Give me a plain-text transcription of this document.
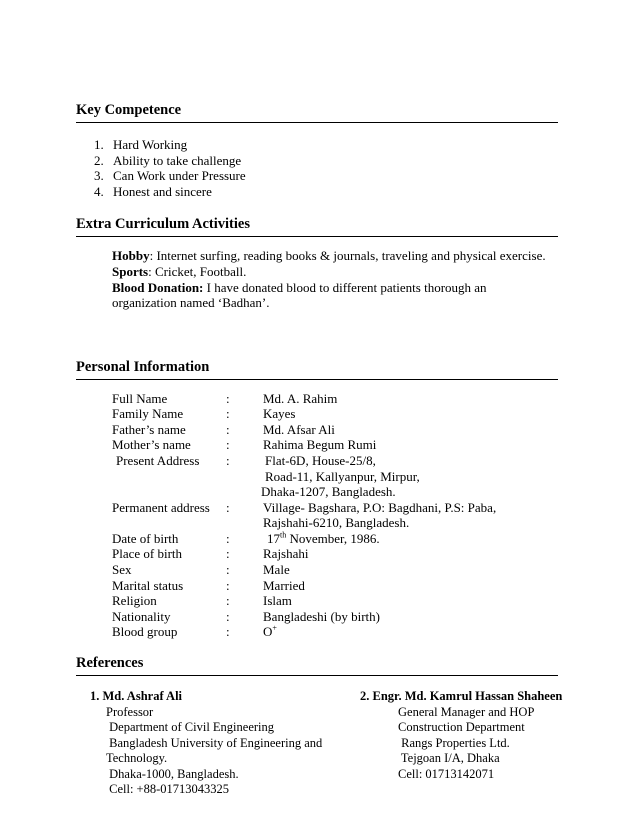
Key Competence
1. Hard Working
2. Ability to take challenge
3. Can Work under Pressure
4. Honest and sincere
Extra Curriculum Activities
Hobby: Internet surfing, reading books & journals, traveling and physical exercise.
Sports: Cricket, Football.
Blood Donation: I have donated blood to different patients thorough an
organization named ‘Badhan’.
Personal Information
Full Name	:	Md. A. Rahim
Family Name	:	Kayes
Father’s name	:	Md. Afsar Ali
Mother’s name	:	Rahima Begum Rumi
Present Address :	Flat-6D, House-25/8,
Road-11, Kallyanpur, Mirpur,
Dhaka-1207, Bangladesh.
Permanent address :	Village- Bagshara, P.O: Bagdhani, P.S: Paba,
Rajshahi-6210, Bangladesh.
Date of birth	:	17th November, 1986.
Place of birth	:	Rajshahi
Sex	:	Male
Marital status	:	Married
Religion	:	Islam
Nationality	:	Bangladeshi (by birth)
Blood group	:	O+
References
1. Md. Ashraf Ali
Professor
Department of Civil Engineering
Bangladesh University of Engineering and
Technology.
Dhaka-1000, Bangladesh.
Cell: +88-01713043325
2. Engr. Md. Kamrul Hassan Shaheen
General Manager and HOP
Construction Department
Rangs Properties Ltd.
Tejgoan I/A, Dhaka
Cell: 01713142071
